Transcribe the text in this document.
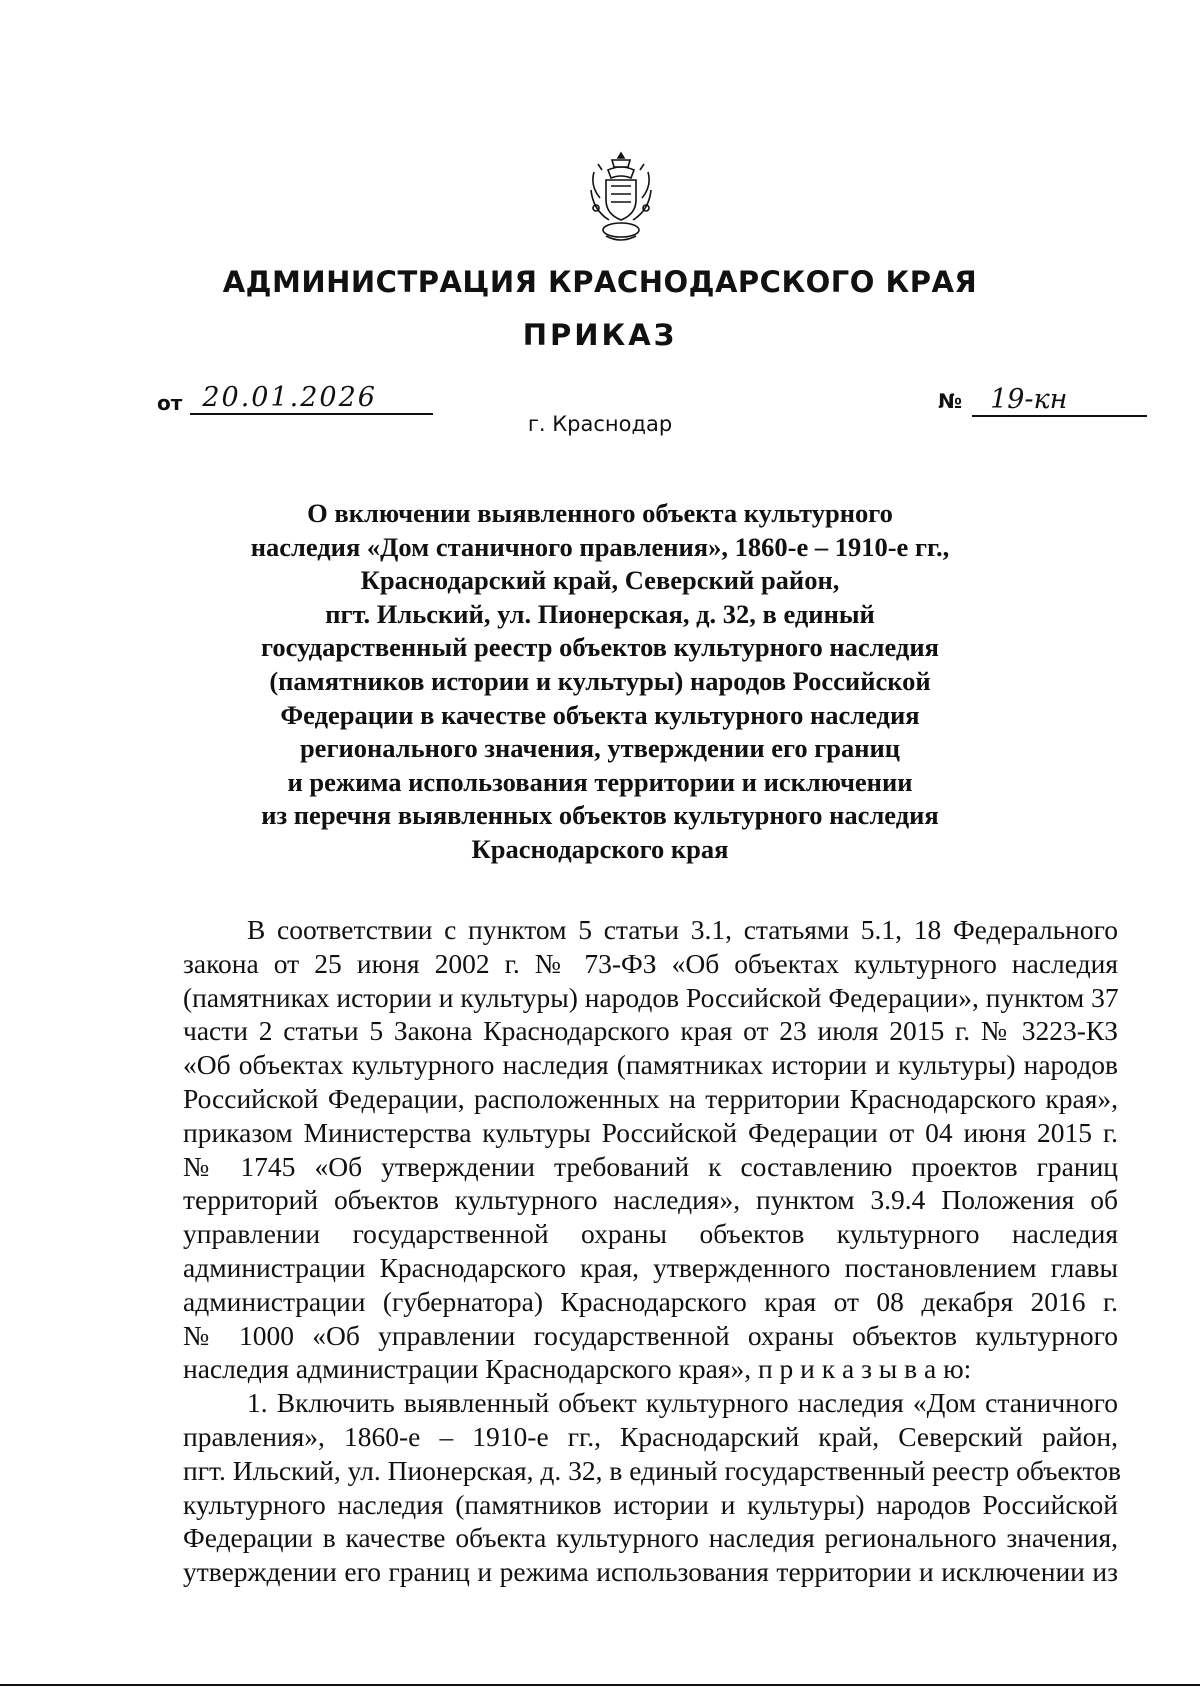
АДМИНИСТРАЦИЯ КРАСНОДАРСКОГО КРАЯ
ПРИКАЗ
от 20.01.2026	№ 19-кн
г. Краснодар
О включении выявленного объекта культурного
наследия «Дом станичного правления», 1860-е – 1910-е гг.,
Краснодарский край, Северский район,
пгт. Ильский, ул. Пионерская, д. 32, в единый
государственный реестр объектов культурного наследия
(памятников истории и культуры) народов Российской
Федерации в качестве объекта культурного наследия
регионального значения, утверждении его границ
и режима использования территории и исключении
из перечня выявленных объектов культурного наследия
Краснодарского края
В соответствии с пунктом 5 статьи 3.1, статьями 5.1, 18 Федерального
закона от 25 июня 2002 г. № 73-ФЗ «Об объектах культурного наследия
(памятниках истории и культуры) народов Российской Федерации», пунктом 37
части 2 статьи 5 Закона Краснодарского края от 23 июля 2015 г. № 3223-КЗ
«Об объектах культурного наследия (памятниках истории и культуры) народов
Российской Федерации, расположенных на территории Краснодарского края»,
приказом Министерства культуры Российской Федерации от 04 июня 2015 г.
№ 1745 «Об утверждении требований к составлению проектов границ
территорий объектов культурного наследия», пунктом 3.9.4 Положения об
управлении государственной охраны объектов культурного наследия
администрации Краснодарского края, утвержденного постановлением главы
администрации (губернатора) Краснодарского края от 08 декабря 2016 г.
№ 1000 «Об управлении государственной охраны объектов культурного
наследия администрации Краснодарского края», п р и к а з ы в а ю:
1. Включить выявленный объект культурного наследия «Дом станичного
правления», 1860-е – 1910-е гг., Краснодарский край, Северский район,
пгт. Ильский, ул. Пионерская, д. 32, в единый государственный реестр объектов
культурного наследия (памятников истории и культуры) народов Российской
Федерации в качестве объекта культурного наследия регионального значения,
утверждении его границ и режима использования территории и исключении из
